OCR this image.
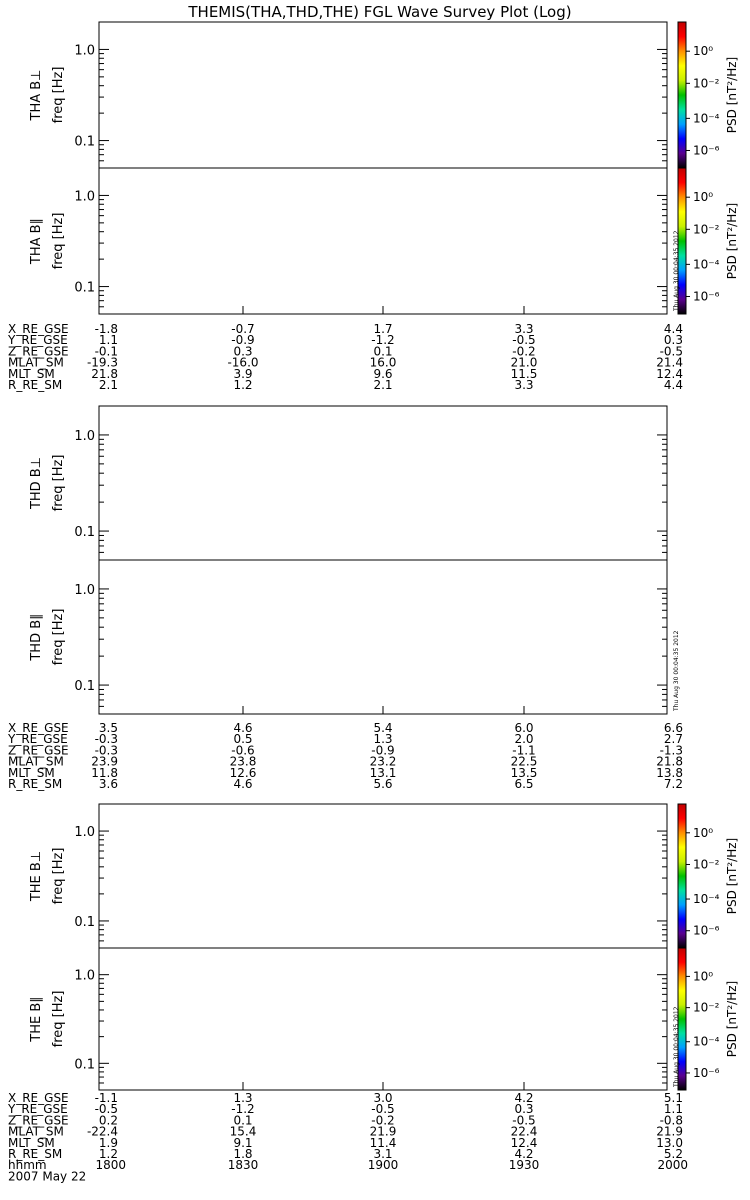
THEMIS(THA,THD,THE) FGL Wave Survey Plot (Log)
1.0
0.1
THA B⊥ freq [Hz]
10⁰
10⁻²
10⁻⁴
10⁻⁶
PSD [nT²/Hz]
1.0
0.1
THA B∥ freq [Hz]
10⁰
10⁻²
10⁻⁴
10⁻⁶
PSD [nT²/Hz]
Thu Aug 30 00:04:35 2012
1.0
0.1
THD B⊥ freq [Hz]
1.0
0.1
THD B∥ freq [Hz]	Thu Aug 30 00:04:35 2012
1.0
0.1
THE B⊥ freq [Hz]
10⁰
10⁻²
10⁻⁴
10⁻⁶
PSD [nT²/Hz]
1.0
0.1
THE B∥ freq [Hz]
10⁰
10⁻²
10⁻⁴
10⁻⁶
PSD [nT²/Hz]
Thu Aug 30 00:04:35 2012
X_RE_GSE -1.8	-0.7	1.7	3.3	4.4
Y_RE_GSE	1.1	-0.9	-1.2	-0.5	0.3
Z_RE_GSE -0.1	0.3	0.1	-0.2	-0.5
MLAT_SM -19.3	-16.0	16.0	21.0	21.4
MLT_SM	21.8	3.9	9.6	11.5	12.4
R_RE_SM	2.1	1.2	2.1	3.3	4.4
X_RE_GSE	3.5	4.6	5.4	6.0	6.6
Y_RE_GSE -0.3	0.5	1.3	2.0	2.7
Z_RE_GSE -0.3	-0.6	-0.9	-1.1	-1.3
MLAT_SM 23.9	23.8	23.2	22.5	21.8
MLT_SM	11.8	12.6	13.1	13.5	13.8
R_RE_SM	3.6	4.6	5.6	6.5	7.2
X_RE_GSE -1.1	1.3	3.0	4.2	5.1
Y_RE_GSE -0.5	-1.2	-0.5	0.3	1.1
Z_RE_GSE	0.2	0.1	-0.2	-0.5	-0.8
MLAT_SM -22.4	15.4	21.9	22.4	21.9
MLT_SM	1.9	9.1	11.4	12.4	13.0
R_RE_SM	1.2	1.8	3.1	4.2	5.2
hhmm	1800	1830	1900	1930	2000
2007 May 22
